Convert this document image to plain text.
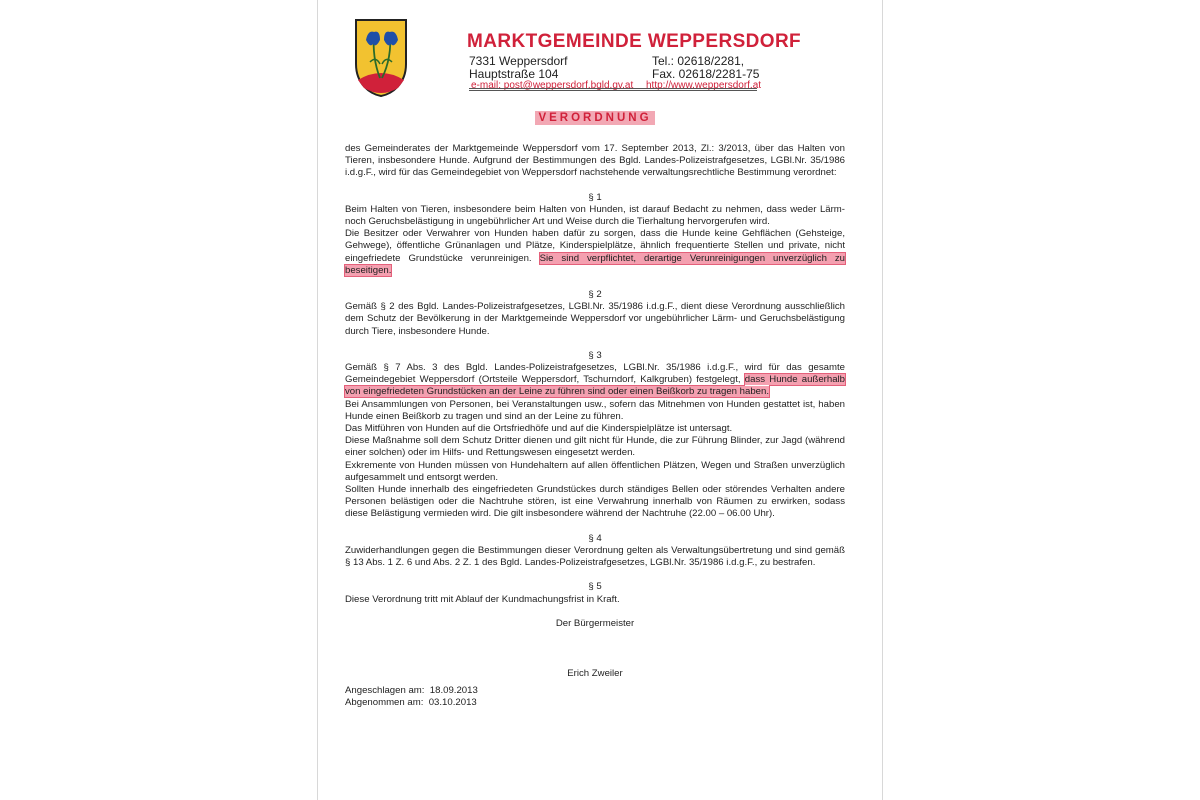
MARKTGEMEINDE WEPPERSDORF
7331 Weppersdorf	Tel.: 02618/2281,
Hauptstraße 104	Fax. 02618/2281-75
e-mail: post@weppersdorf.bgld.gv.at http://www.weppersdorf.at
VERORDNUNG

des Gemeinderates der Marktgemeinde Weppersdorf vom 17. September 2013, Zl.: 3/2013, über das Halten von Tieren, insbesondere Hunde. Aufgrund der Bestimmungen des Bgld. Landes-Polizeistrafgesetzes, LGBl.Nr. 35/1986 i.d.g.F., wird für das Gemeindegebiet von Weppersdorf nachstehende verwaltungsrechtliche Bestimmung verordnet:

§ 1

Beim Halten von Tieren, insbesondere beim Halten von Hunden, ist darauf Bedacht zu nehmen, dass weder Lärm- noch Geruchsbelästigung in ungebührlicher Art und Weise durch die Tierhaltung hervorgerufen wird.

Die Besitzer oder Verwahrer von Hunden haben dafür zu sorgen, dass die Hunde keine Gehflächen (Gehsteige, Gehwege), öffentliche Grünanlagen und Plätze, Kinderspielplätze, ähnlich frequentierte Stellen und private, nicht eingefriedete Grundstücke verunreinigen. Sie sind verpflichtet, derartige Verunreinigungen unverzüglich zu beseitigen.

§ 2

Gemäß § 2 des Bgld. Landes-Polizeistrafgesetzes, LGBl.Nr. 35/1986 i.d.g.F., dient diese Verordnung ausschließlich dem Schutz der Bevölkerung in der Marktgemeinde Weppersdorf vor ungebührlicher Lärm- und Geruchsbelästigung durch Tiere, insbesondere Hunde.

§ 3

Gemäß § 7 Abs. 3 des Bgld. Landes-Polizeistrafgesetzes, LGBl.Nr. 35/1986 i.d.g.F., wird für das gesamte Gemeindegebiet Weppersdorf (Ortsteile Weppersdorf, Tschurndorf, Kalkgruben) festgelegt, dass Hunde außerhalb von eingefriedeten Grundstücken an der Leine zu führen sind oder einen Beißkorb zu tragen haben.

Bei Ansammlungen von Personen, bei Veranstaltungen usw., sofern das Mitnehmen von Hunden gestattet ist, haben Hunde einen Beißkorb zu tragen und sind an der Leine zu führen.

Das Mitführen von Hunden auf die Ortsfriedhöfe und auf die Kinderspielplätze ist untersagt.

Diese Maßnahme soll dem Schutz Dritter dienen und gilt nicht für Hunde, die zur Führung Blinder, zur Jagd (während einer solchen) oder im Hilfs- und Rettungswesen eingesetzt werden.

Exkremente von Hunden müssen von Hundehaltern auf allen öffentlichen Plätzen, Wegen und Straßen unverzüglich aufgesammelt und entsorgt werden.

Sollten Hunde innerhalb des eingefriedeten Grundstückes durch ständiges Bellen oder störendes Verhalten andere Personen belästigen oder die Nachtruhe stören, ist eine Verwahrung innerhalb von Räumen zu erwirken, sodass diese Belästigung vermieden wird. Die gilt insbesondere während der Nachtruhe (22.00 – 06.00 Uhr).

§ 4

Zuwiderhandlungen gegen die Bestimmungen dieser Verordnung gelten als Verwaltungsübertretung und sind gemäß § 13 Abs. 1 Z. 6 und Abs. 2 Z. 1 des Bgld. Landes-Polizeistrafgesetzes, LGBl.Nr. 35/1986 i.d.g.F., zu bestrafen.

§ 5

Diese Verordnung tritt mit Ablauf der Kundmachungsfrist in Kraft.

Der Bürgermeister

Erich Zweiler

Angeschlagen am:  18.09.2013

Abgenommen am:  03.10.2013
